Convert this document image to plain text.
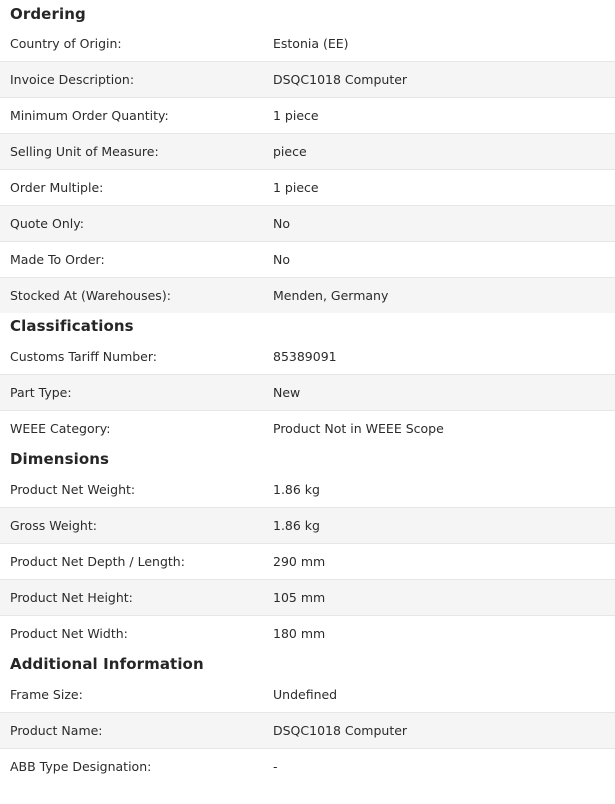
Ordering
Country of Origin:	Estonia (EE)
Invoice Description:	DSQC1018 Computer
Minimum Order Quantity:	1 piece
Selling Unit of Measure:	piece
Order Multiple:	1 piece
Quote Only:	No
Made To Order:	No
Stocked At (Warehouses):	Menden, Germany
Classifications
Customs Tariff Number:	85389091
Part Type:	New
WEEE Category:	Product Not in WEEE Scope
Dimensions
Product Net Weight:	1.86 kg
Gross Weight:	1.86 kg
Product Net Depth / Length:	290 mm
Product Net Height:	105 mm
Product Net Width:	180 mm
Additional Information
Frame Size:	Undefined
Product Name:	DSQC1018 Computer
ABB Type Designation:	-
